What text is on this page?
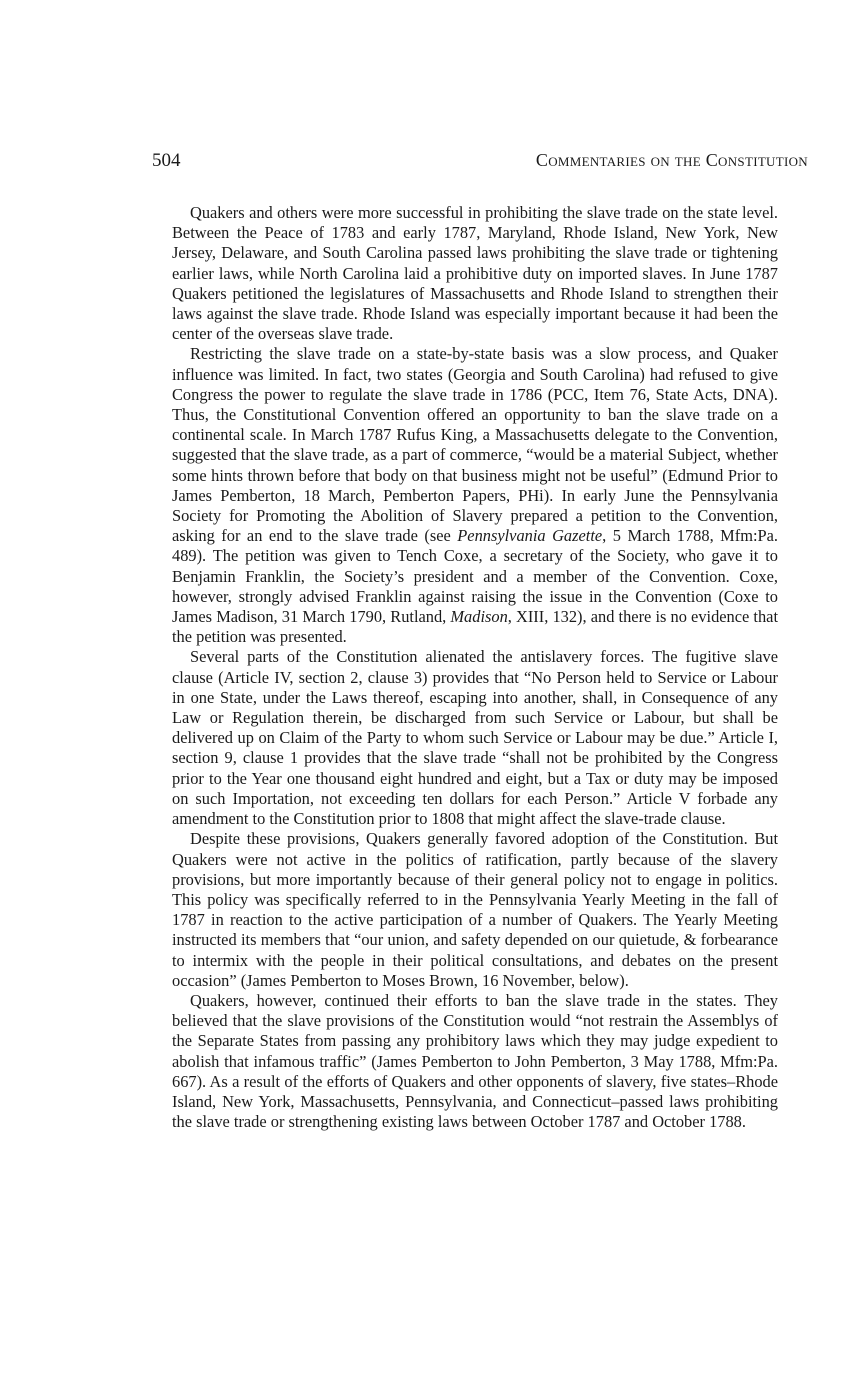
504	Commentaries on the Constitution

Quakers and others were more successful in prohibiting the slave trade on the state level. Between the Peace of 1783 and early 1787, Maryland, Rhode Island, New York, New Jersey, Delaware, and South Carolina passed laws prohibiting the slave trade or tightening earlier laws, while North Carolina laid a prohibitive duty on imported slaves. In June 1787 Quakers petitioned the legislatures of Massachusetts and Rhode Island to strengthen their laws against the slave trade. Rhode Island was especially important because it had been the center of the overseas slave trade.

Restricting the slave trade on a state-by-state basis was a slow process, and Quaker influence was limited. In fact, two states (Georgia and South Carolina) had refused to give Congress the power to regulate the slave trade in 1786 (PCC, Item 76, State Acts, DNA). Thus, the Constitutional Convention offered an opportunity to ban the slave trade on a continental scale. In March 1787 Rufus King, a Massachusetts delegate to the Convention, suggested that the slave trade, as a part of commerce, “would be a material Subject, whether some hints thrown before that body on that business might not be useful” (Edmund Prior to James Pemberton, 18 March, Pemberton Papers, PHi). In early June the Pennsylvania Society for Promoting the Abolition of Slavery prepared a petition to the Convention, asking for an end to the slave trade (see Pennsylvania Gazette, 5 March 1788, Mfm:Pa. 489). The petition was given to Tench Coxe, a secretary of the Society, who gave it to Benjamin Franklin, the Society’s president and a member of the Convention. Coxe, however, strongly advised Franklin against raising the issue in the Convention (Coxe to James Madison, 31 March 1790, Rutland, Madison, XIII, 132), and there is no evidence that the petition was presented.

Several parts of the Constitution alienated the antislavery forces. The fugitive slave clause (Article IV, section 2, clause 3) provides that “No Person held to Service or Labour in one State, under the Laws thereof, escaping into another, shall, in Consequence of any Law or Regulation therein, be discharged from such Service or Labour, but shall be delivered up on Claim of the Party to whom such Service or Labour may be due.” Article I, section 9, clause 1 provides that the slave trade “shall not be prohibited by the Congress prior to the Year one thousand eight hundred and eight, but a Tax or duty may be imposed on such Importation, not exceeding ten dollars for each Person.” Article V forbade any amendment to the Constitution prior to 1808 that might affect the slave-trade clause.

Despite these provisions, Quakers generally favored adoption of the Constitution. But Quakers were not active in the politics of ratification, partly because of the slavery provisions, but more importantly because of their general policy not to engage in politics. This policy was specifically referred to in the Pennsylvania Yearly Meeting in the fall of 1787 in reaction to the active participation of a number of Quakers. The Yearly Meeting instructed its members that “our union, and safety depended on our quietude, & forbearance to intermix with the people in their political consultations, and debates on the present occasion” (James Pemberton to Moses Brown, 16 November, below).

Quakers, however, continued their efforts to ban the slave trade in the states. They believed that the slave provisions of the Constitution would “not restrain the Assemblys of the Separate States from passing any prohibitory laws which they may judge expedient to abolish that infamous traffic” (James Pemberton to John Pemberton, 3 May 1788, Mfm:Pa. 667). As a result of the efforts of Quakers and other opponents of slavery, five states–Rhode Island, New York, Massachusetts, Pennsylvania, and Connecticut–passed laws prohibiting the slave trade or strengthening existing laws between October 1787 and October 1788.
